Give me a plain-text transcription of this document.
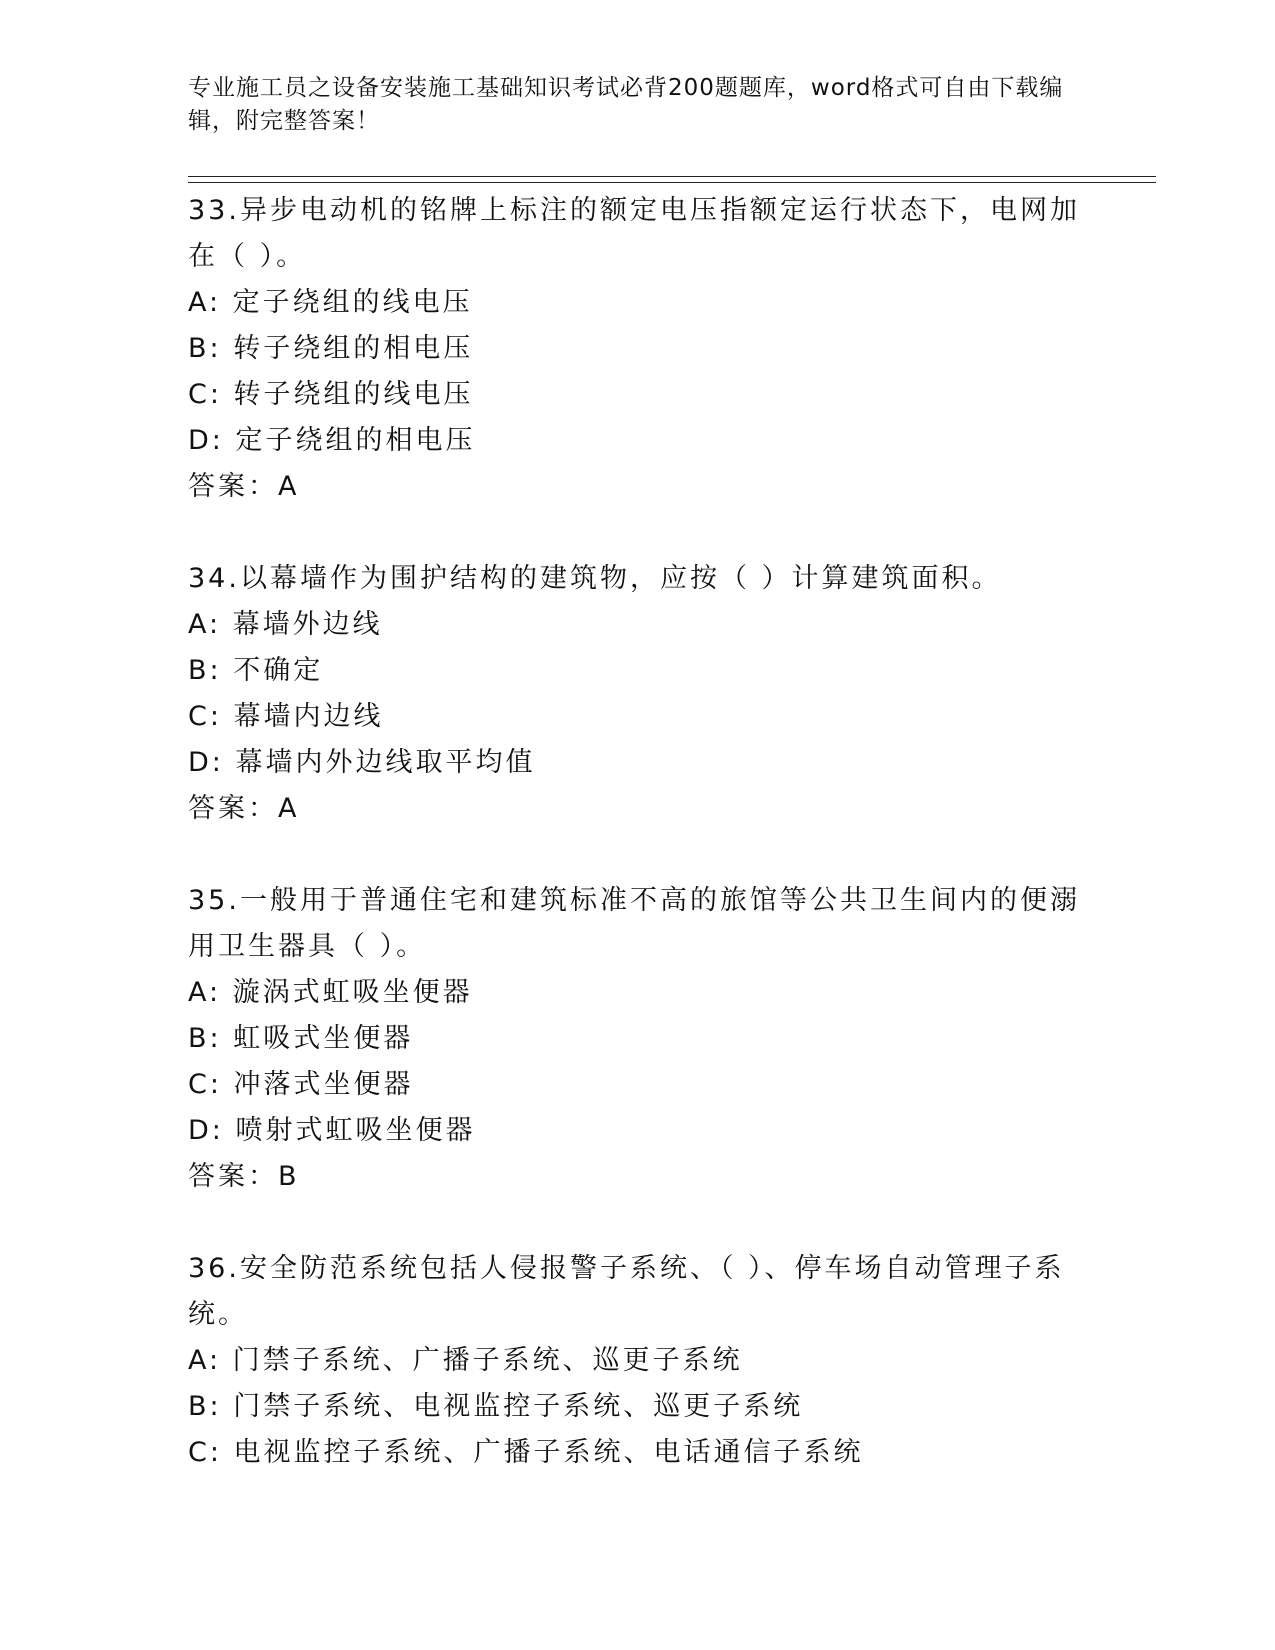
专业施工员之设备安装施工基础知识考试必背200题题库，word格式可自由下载编辑，附完整答案！
33.异步电动机的铭牌上标注的额定电压指额定运行状态下，电网加在（ ）。
A: 定子绕组的线电压
B: 转子绕组的相电压
C: 转子绕组的线电压
D: 定子绕组的相电压
答案：A
34.以幕墙作为围护结构的建筑物，应按（ ）计算建筑面积。
A: 幕墙外边线
B: 不确定
C: 幕墙内边线
D: 幕墙内外边线取平均值
答案：A
35.一般用于普通住宅和建筑标准不高的旅馆等公共卫生间内的便溺用卫生器具（ ）。
A: 漩涡式虹吸坐便器
B: 虹吸式坐便器
C: 冲落式坐便器
D: 喷射式虹吸坐便器
答案：B
36.安全防范系统包括人侵报警子系统、（ ）、停车场自动管理子系统。
A: 门禁子系统、广播子系统、巡更子系统
B: 门禁子系统、电视监控子系统、巡更子系统
C: 电视监控子系统、广播子系统、电话通信子系统
